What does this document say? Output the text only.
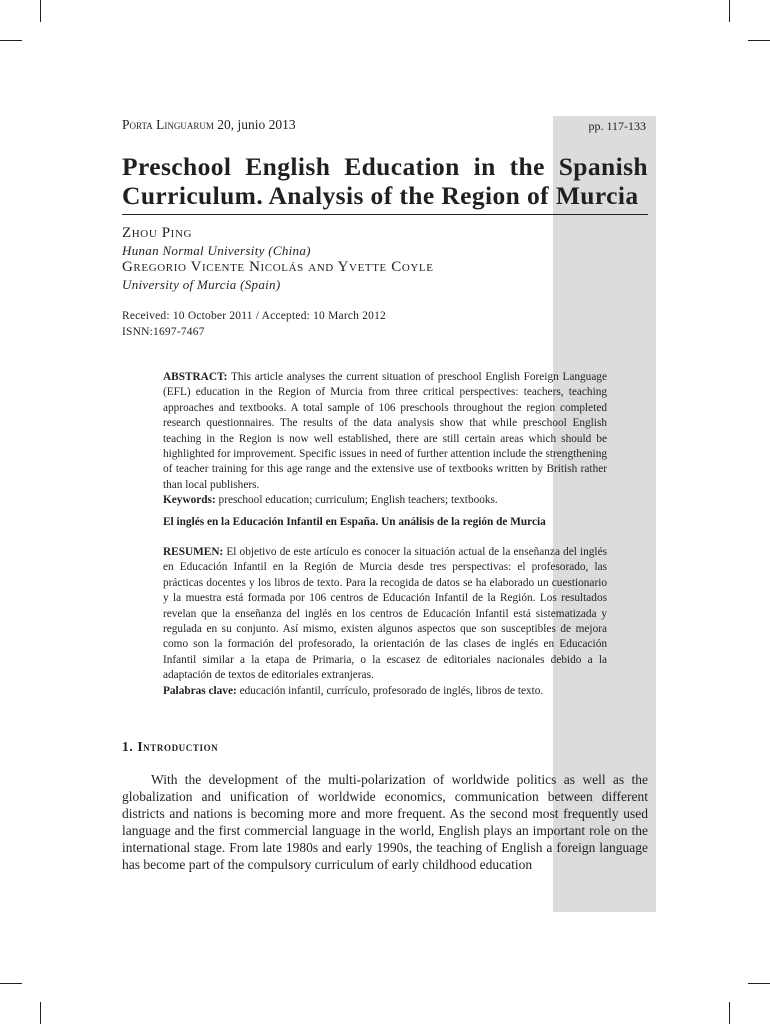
Porta Linguarum 20, junio 2013	pp. 117-133
Preschool English Education in the Spanish
Curriculum. Analysis of the Region of Murcia
Zhou Ping
Hunan Normal University (China)
Gregorio Vicente Nicolás and Yvette Coyle
University of Murcia (Spain)
Received: 10 October 2011 / Accepted: 10 March 2012
ISNN:1697-7467

ABSTRACT: This article analyses the current situation of preschool English Foreign Language (EFL) education in the Region of Murcia from three critical perspectives: teachers, teaching approaches and textbooks. A total sample of 106 preschools throughout the region completed research questionnaires. The results of the data analysis show that while preschool English teaching in the Region is now well established, there are still certain areas which should be highlighted for improvement. Specific issues in need of further attention include the strengthening of teacher training for this age range and the extensive use of textbooks written by British rather than local publishers.

Keywords: preschool education; curriculum; English teachers; textbooks.

El inglés en la Educación Infantil en España. Un análisis de la región de Murcia

RESUMEN: El objetivo de este artículo es conocer la situación actual de la enseñanza del inglés en Educación Infantil en la Región de Murcia desde tres perspectivas: el profesorado, las prácticas docentes y los libros de texto. Para la recogida de datos se ha elaborado un cuestionario y la muestra está formada por 106 centros de Educación Infantil de la Región. Los resultados revelan que la enseñanza del inglés en los centros de Educación Infantil está sistematizada y regulada en su conjunto. Así mismo, existen algunos aspectos que son susceptibles de mejora como son la formación del profesorado, la orientación de las clases de inglés en Educación Infantil similar a la etapa de Primaria, o la escasez de editoriales nacionales debido a la adaptación de textos de editoriales extranjeras.

Palabras clave: educación infantil, currículo, profesorado de inglés, libros de texto.

1. Introduction

With the development of the multi-polarization of worldwide politics as well as the globalization and unification of worldwide economics, communication between different districts and nations is becoming more and more frequent. As the second most frequently used language and the first commercial language in the world, English plays an important role on the international stage. From late 1980s and early 1990s, the teaching of English a foreign language has become part of the compulsory curriculum of early childhood education
